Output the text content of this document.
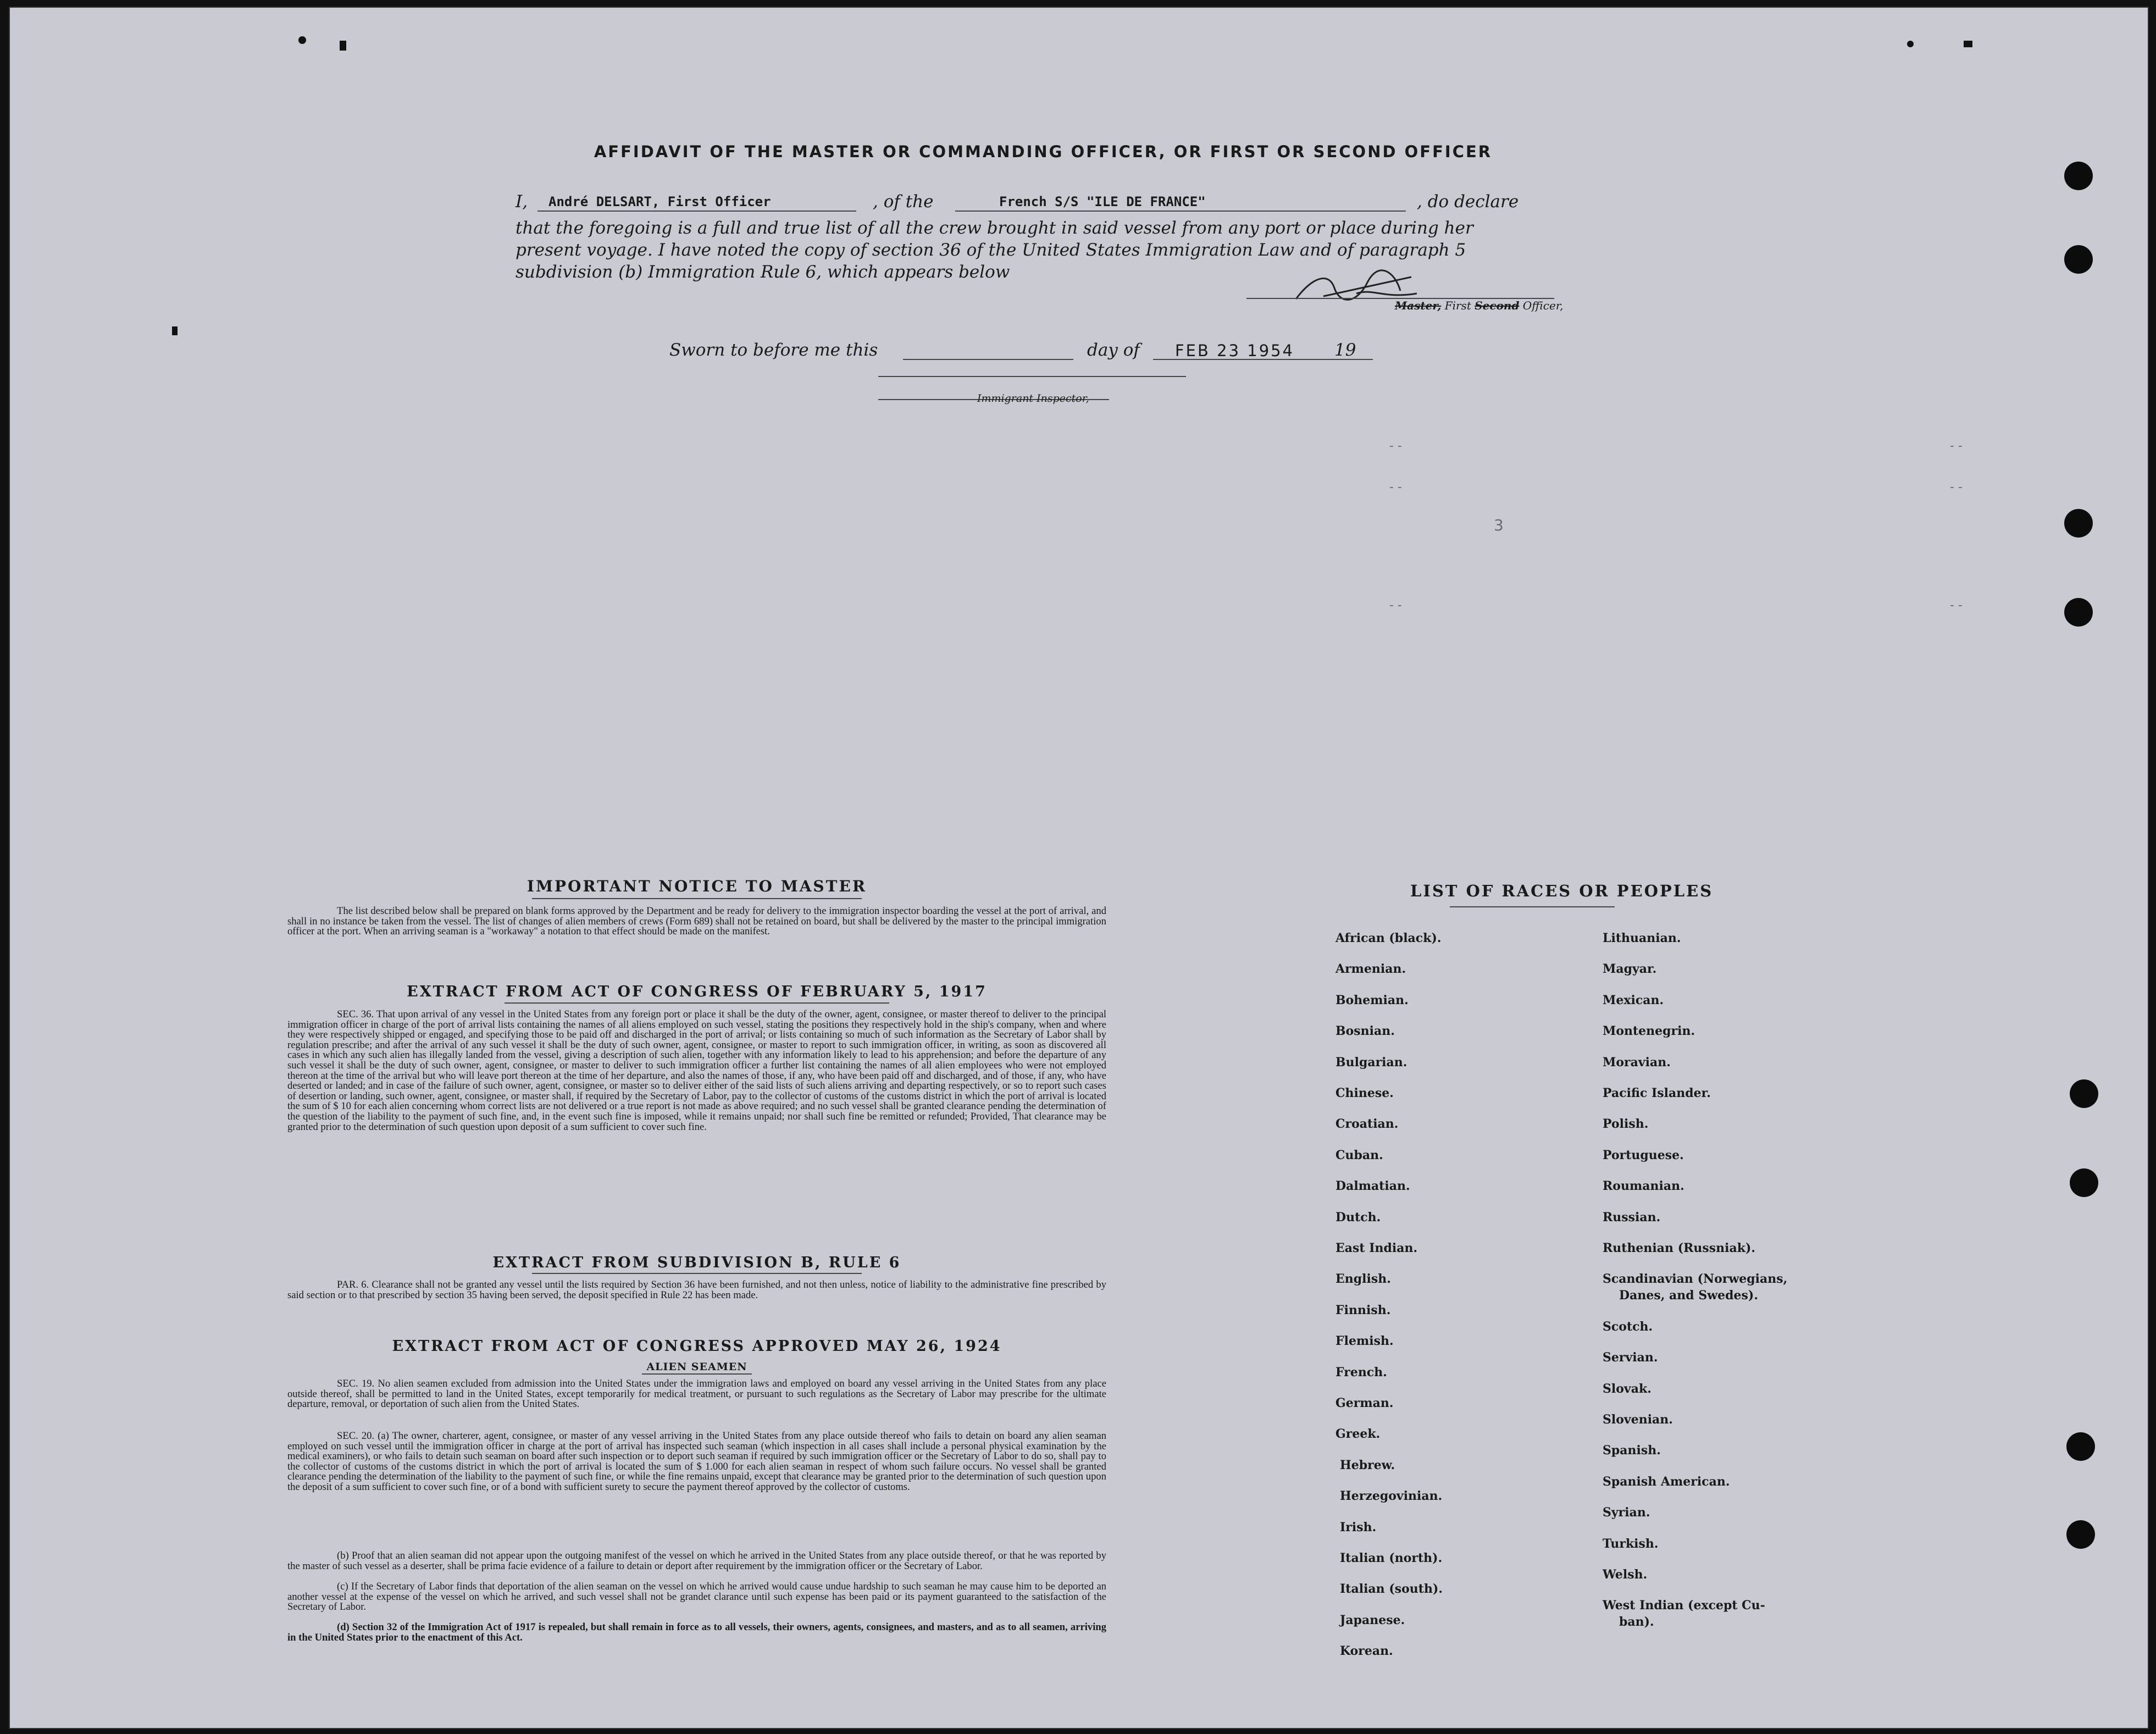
AFFIDAVIT OF THE MASTER OR COMMANDING OFFICER, OR FIRST OR SECOND OFFICER
I, André DELSART, First Officer	, of the	French S/S "ILE DE FRANCE"	, do declare
that the foregoing is a full and true list of all the crew brought in said vessel from any port or place during her
present voyage. I have noted the copy of section 36 of the United States Immigration Law and of paragraph 5
subdivision (b) Immigration Rule 6, which appears below
Master, First Second Officer,
Sworn to before me this	day of FEB 23 1954 19
Immigrant Inspector,
- -
- -
- -
- -
- -
- -
3
IMPORTANT NOTICE TO MASTER

The list described below shall be prepared on blank forms approved by the Department and be ready for delivery to the immigration inspector boarding the vessel at the port of arrival, and shall in no instance be taken from the vessel. The list of changes of alien members of crews (Form 689) shall not be retained on board, but shall be delivered by the master to the principal immigration officer at the port. When an arriving seaman is a "workaway" a notation to that effect should be made on the manifest.

EXTRACT FROM ACT OF CONGRESS OF FEBRUARY 5, 1917

SEC. 36. That upon arrival of any vessel in the United States from any foreign port or place it shall be the duty of the owner, agent, consignee, or master thereof to deliver to the principal immigration officer in charge of the port of arrival lists containing the names of all aliens employed on such vessel, stating the positions they respectively hold in the ship's company, when and where they were respectively shipped or engaged, and specifying those to be paid off and discharged in the port of arrival; or lists containing so much of such information as the Secretary of Labor shall by regulation prescribe; and after the arrival of any such vessel it shall be the duty of such owner, agent, consignee, or master to report to such immigration officer, in writing, as soon as discovered all cases in which any such alien has illegally landed from the vessel, giving a description of such alien, together with any information likely to lead to his apprehension; and before the departure of any such vessel it shall be the duty of such owner, agent, consignee, or master to deliver to such immigration officer a further list containing the names of all alien employees who were not employed thereon at the time of the arrival but who will leave port thereon at the time of her departure, and also the names of those, if any, who have been paid off and discharged, and of those, if any, who have deserted or landed; and in case of the failure of such owner, agent, consignee, or master so to deliver either of the said lists of such aliens arriving and departing respectively, or so to report such cases of desertion or landing, such owner, agent, consignee, or master shall, if required by the Secretary of Labor, pay to the collector of customs of the customs district in which the port of arrival is located the sum of $ 10 for each alien concerning whom correct lists are not delivered or a true report is not made as above required; and no such vessel shall be granted clearance pending the determination of the question of the liability to the payment of such fine, and, in the event such fine is imposed, while it remains unpaid; nor shall such fine be remitted or refunded; Provided, That clearance may be granted prior to the determination of such question upon deposit of a sum sufficient to cover such fine.

EXTRACT FROM SUBDIVISION B, RULE 6

PAR. 6. Clearance shall not be granted any vessel until the lists required by Section 36 have been furnished, and not then unless, notice of liability to the administrative fine prescribed by said section or to that prescribed by section 35 having been served, the deposit specified in Rule 22 has been made.

EXTRACT FROM ACT OF CONGRESS APPROVED MAY 26, 1924
ALIEN SEAMEN

SEC. 19. No alien seamen excluded from admission into the United States under the immigration laws and employed on board any vessel arriving in the United States from any place outside thereof, shall be permitted to land in the United States, except temporarily for medical treatment, or pursuant to such regulations as the Secretary of Labor may prescribe for the ultimate departure, removal, or deportation of such alien from the United States.

SEC. 20. (a) The owner, charterer, agent, consignee, or master of any vessel arriving in the United States from any place outside thereof who fails to detain on board any alien seaman employed on such vessel until the immigration officer in charge at the port of arrival has inspected such seaman (which inspection in all cases shall include a personal physical examination by the medical examiners), or who fails to detain such seaman on board after such inspection or to deport such seaman if required by such immigration officer or the Secretary of Labor to do so, shall pay to the collector of customs of the customs district in which the port of arrival is located the sum of $ 1.000 for each alien seaman in respect of whom such failure occurs. No vessel shall be granted clearance pending the determination of the liability to the payment of such fine, or while the fine remains unpaid, except that clearance may be granted prior to the determination of such question upon the deposit of a sum sufficient to cover such fine, or of a bond with sufficient surety to secure the payment thereof approved by the collector of customs.

(b) Proof that an alien seaman did not appear upon the outgoing manifest of the vessel on which he arrived in the United States from any place outside thereof, or that he was reported by the master of such vessel as a deserter, shall be prima facie evidence of a failure to detain or deport after requirement by the immigration officer or the Secretary of Labor.

(c) If the Secretary of Labor finds that deportation of the alien seaman on the vessel on which he arrived would cause undue hardship to such seaman he may cause him to be deported an another vessel at the expense of the vessel on which he arrived, and such vessel shall not be grandet clarance until such expense has been paid or its payment guaranteed to the satisfaction of the Secretary of Labor.

(d) Section 32 of the Immigration Act of 1917 is repealed, but shall remain in force as to all vessels, their owners, agents, consignees, and masters, and as to all seamen, arriving in the United States prior to the enactment of this Act.

LIST OF RACES OR PEOPLES
African (black).
Armenian.
Bohemian.
Bosnian.
Bulgarian.
Chinese.
Croatian.
Cuban.
Dalmatian.
Dutch.
East Indian.
English.
Finnish.
Flemish.
French.
German.
Greek.
Hebrew.
Herzegovinian.
Irish.
Italian (north).
Italian (south).
Japanese.
Korean.
Lithuanian.
Magyar.
Mexican.
Montenegrin.
Moravian.
Pacific Islander.
Polish.
Portuguese.
Roumanian.
Russian.
Ruthenian (Russniak).
Scandinavian (Norwegians,
Danes, and Swedes).
Scotch.
Servian.
Slovak.
Slovenian.
Spanish.
Spanish American.
Syrian.
Turkish.
Welsh.
West Indian (except Cu-
ban).
